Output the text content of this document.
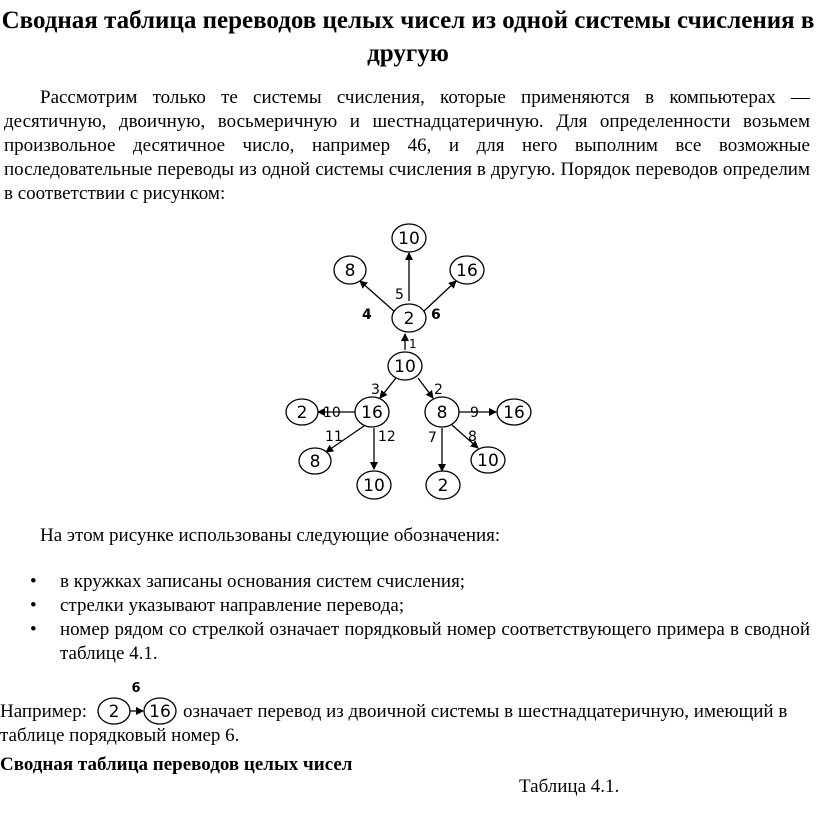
Сводная таблица переводов целых чисел из одной системы счисления в другую

Рассмотрим только те системы счисления, которые применяются в компьютерах — десятичную, двоичную, восьмеричную и шестнадцатеричную. Для определенности возьмем произвольное десятичное число, например 46, и для него выполним все возможные последовательные переводы из одной системы счисления в другую. Порядок переводов определим в соответствии с рисунком:

10
2
10
8	16
16	8
2
8
10
16
10
2
1
5
4	6
3	2
10
11	12
9
8
7
На этом рисунке использованы следующие обозначения:
• в кружках записаны основания систем счисления;
• стрелки указывают направление перевода;
• номер рядом со стрелкой означает порядковый номер соответствующего примера в сводной таблице 4.1.
Например: 2 16
6
означает перевод из двоичной системы в шестнадцатеричную, имеющий в
таблице порядковый номер 6.
Сводная таблица переводов целых чисел
Таблица 4.1.
